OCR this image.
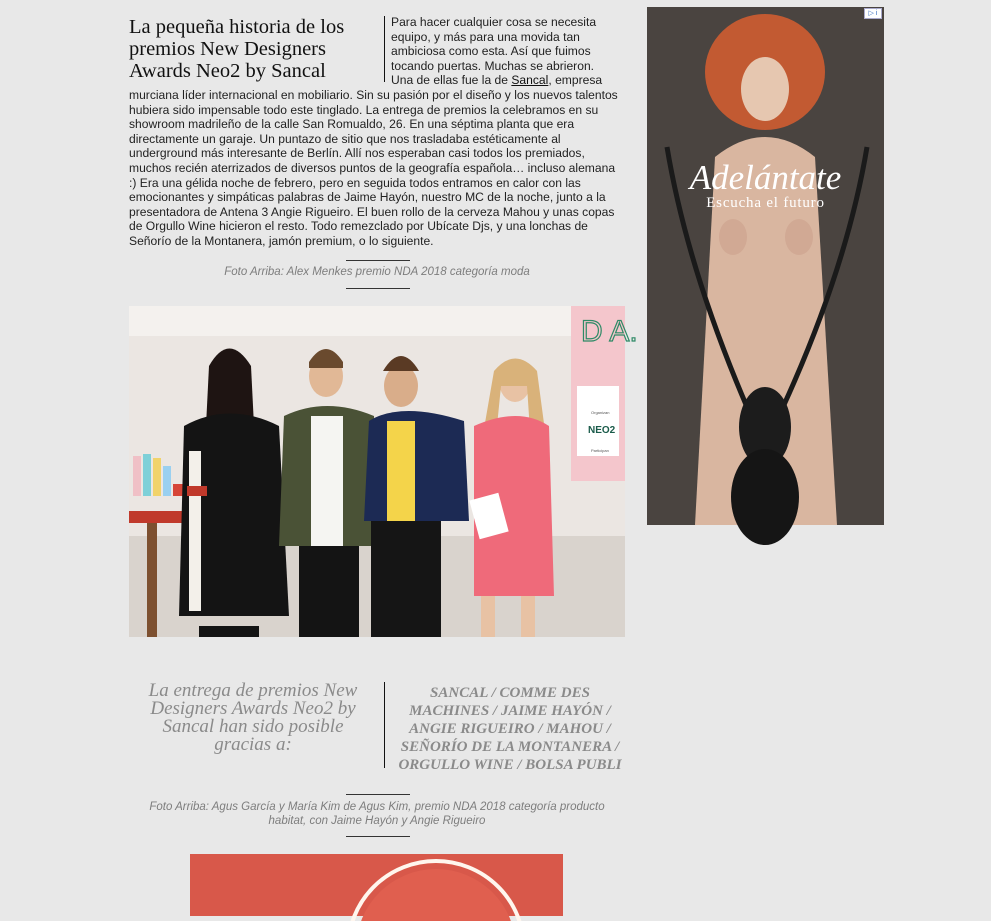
La pequeña historia de los premios New Designers Awards Neo2 by Sancal

Para hacer cualquier cosa se necesita equipo, y más para una movida tan ambiciosa como esta. Así que fuimos tocando puertas. Muchas se abrieron. Una de ellas fue la de Sancal, empresa murciana líder internacional en mobiliario. Sin su pasión por el diseño y los nuevos talentos hubiera sido impensable todo este tinglado. La entrega de premios la celebramos en su showroom madrileño de la calle San Romualdo, 26. En una séptima planta que era directamente un garaje. Un puntazo de sitio que nos trasladaba estéticamente al underground más interesante de Berlín. Allí nos esperaban casi todos los premiados, muchos recién aterrizados de diversos puntos de la geografía española… incluso alemana :) Era una gélida noche de febrero, pero en seguida todos entramos en calor con las emocionantes y simpáticas palabras de Jaime Hayón, nuestro MC de la noche, junto a la presentadora de Antena 3 Angie Rigueiro. El buen rollo de la cerveza Mahou y unas copas de Orgullo Wine hicieron el resto. Todo remezclado por Ubícate Djs, y una lonchas de Señorío de la Montanera, jamón premium, o lo siguiente.

Foto Arriba: Alex Menkes premio NDA 2018 categoría moda
D A.
Organizan
NEO2
Participan
▷ i
Adelántate
Escucha el futuro
La entrega de premios New Designers Awards Neo2 by Sancal han sido posible gracias a:
SANCAL / COMME DES MACHINES / JAIME HAYÓN / ANGIE RIGUEIRO / MAHOU / SEÑORÍO DE LA MONTANERA / ORGULLO WINE / BOLSA PUBLI
Foto Arriba: Agus García y María Kim de Agus Kim, premio NDA 2018 categoría producto habitat, con Jaime Hayón y Angie Rigueiro
